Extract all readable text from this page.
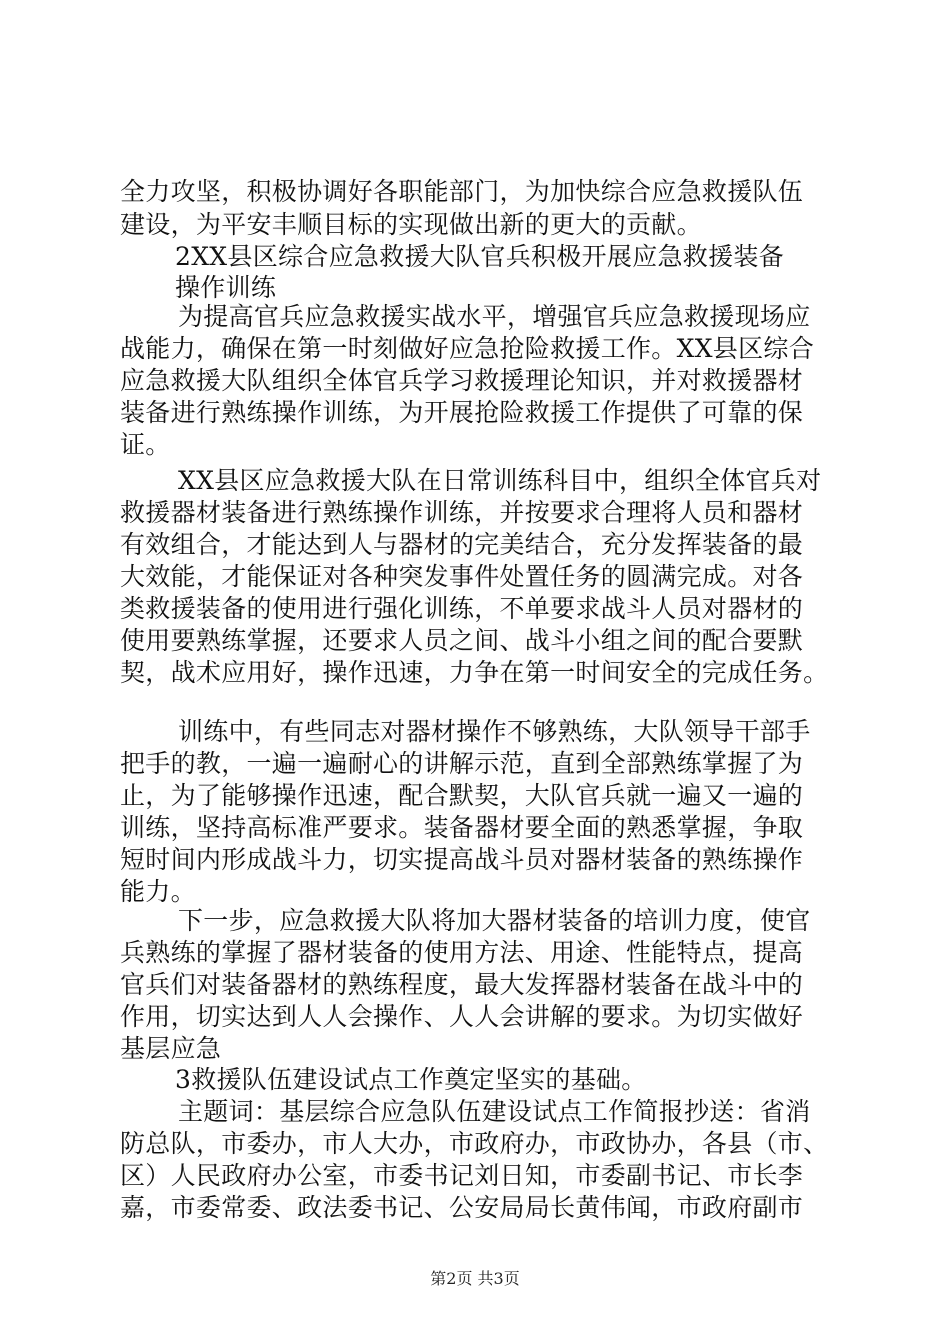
全力攻坚，积极协调好各职能部门，为加快综合应急救援队伍
建设，为平安丰顺目标的实现做出新的更大的贡献。
2XX县区综合应急救援大队官兵积极开展应急救援装备
操作训练
为提高官兵应急救援实战水平，增强官兵应急救援现场应
战能力，确保在第一时刻做好应急抢险救援工作。XX县区综合
应急救援大队组织全体官兵学习救援理论知识，并对救援器材
装备进行熟练操作训练，为开展抢险救援工作提供了可靠的保
证。
XX县区应急救援大队在日常训练科目中，组织全体官兵对
救援器材装备进行熟练操作训练，并按要求合理将人员和器材
有效组合，才能达到人与器材的完美结合，充分发挥装备的最
大效能，才能保证对各种突发事件处置任务的圆满完成。对各
类救援装备的使用进行强化训练，不单要求战斗人员对器材的
使用要熟练掌握，还要求人员之间、战斗小组之间的配合要默
契，战术应用好，操作迅速，力争在第一时间安全的完成任务。
训练中，有些同志对器材操作不够熟练，大队领导干部手
把手的教，一遍一遍耐心的讲解示范，直到全部熟练掌握了为
止，为了能够操作迅速，配合默契，大队官兵就一遍又一遍的
训练，坚持高标准严要求。装备器材要全面的熟悉掌握，争取
短时间内形成战斗力，切实提高战斗员对器材装备的熟练操作
能力。
下一步，应急救援大队将加大器材装备的培训力度，使官
兵熟练的掌握了器材装备的使用方法、用途、性能特点，提高
官兵们对装备器材的熟练程度，最大发挥器材装备在战斗中的
作用，切实达到人人会操作、人人会讲解的要求。为切实做好
基层应急
3救援队伍建设试点工作奠定坚实的基础。
主题词：基层综合应急队伍建设试点工作简报抄送：省消
防总队，市委办，市人大办，市政府办，市政协办，各县（市、
区）人民政府办公室，市委书记刘日知，市委副书记、市长李
嘉，市委常委、政法委书记、公安局局长黄伟闻，市政府副市
第2页 共3页
